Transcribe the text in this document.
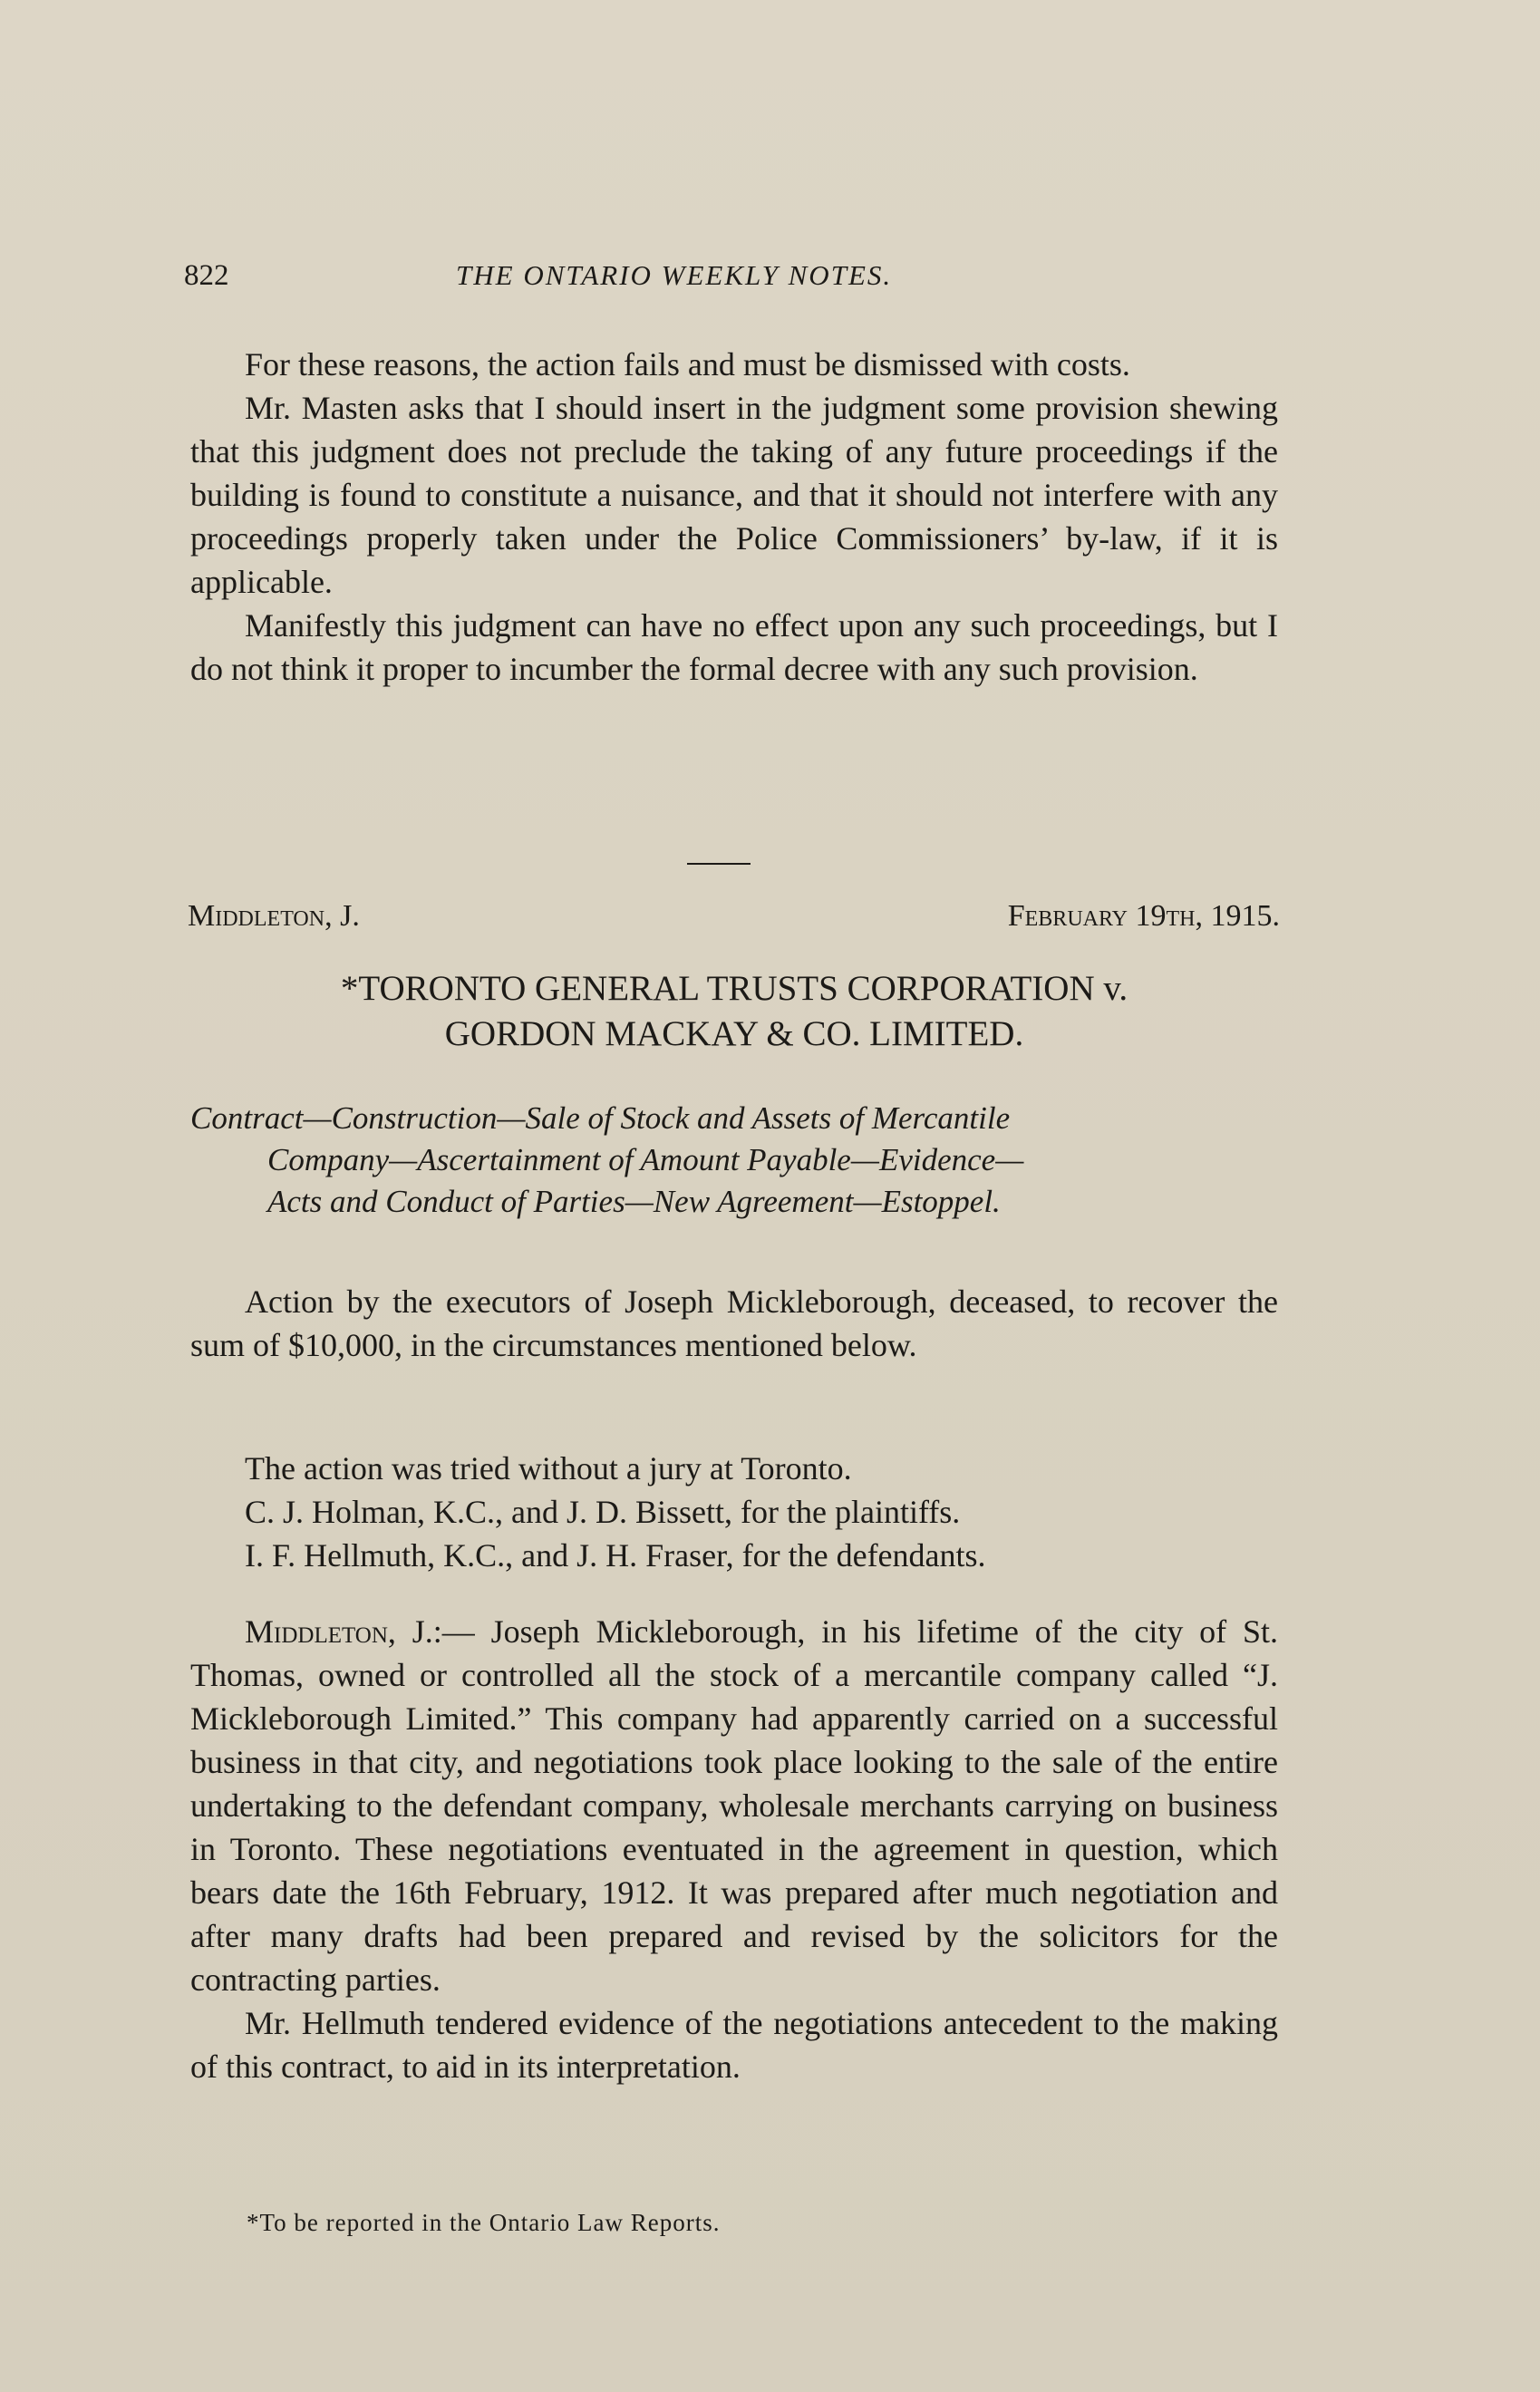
822	THE ONTARIO WEEKLY NOTES.

For these reasons, the action fails and must be dismissed with costs.

Mr. Masten asks that I should insert in the judgment some provision shewing that this judgment does not preclude the taking of any future proceedings if the building is found to constitute a nuisance, and that it should not interfere with any proceedings properly taken under the Police Commissioners’ by-law, if it is applicable.

Manifestly this judgment can have no effect upon any such proceedings, but I do not think it proper to incumber the formal decree with any such provision.

Middleton, J.	February 19th, 1915.
*TORONTO GENERAL TRUSTS CORPORATION v.
GORDON MACKAY & CO. LIMITED.
Contract—Construction—Sale of Stock and Assets of Mercantile
Company—Ascertainment of Amount Payable—Evidence—
Acts and Conduct of Parties—New Agreement—Estoppel.

Action by the executors of Joseph Mickleborough, deceased, to recover the sum of $10,000, in the circumstances mentioned below.

The action was tried without a jury at Toronto.

C. J. Holman, K.C., and J. D. Bissett, for the plaintiffs.

I. F. Hellmuth, K.C., and J. H. Fraser, for the defendants.

Middleton, J.:— Joseph Mickleborough, in his lifetime of the city of St. Thomas, owned or controlled all the stock of a mercantile company called “J. Mickleborough Limited.” This company had apparently carried on a successful business in that city, and negotiations took place looking to the sale of the entire undertaking to the defendant company, wholesale merchants carrying on business in Toronto. These negotiations eventuated in the agreement in question, which bears date the 16th February, 1912. It was prepared after much negotiation and after many drafts had been prepared and revised by the solicitors for the contracting parties.

Mr. Hellmuth tendered evidence of the negotiations antecedent to the making of this contract, to aid in its interpretation.

*To be reported in the Ontario Law Reports.
